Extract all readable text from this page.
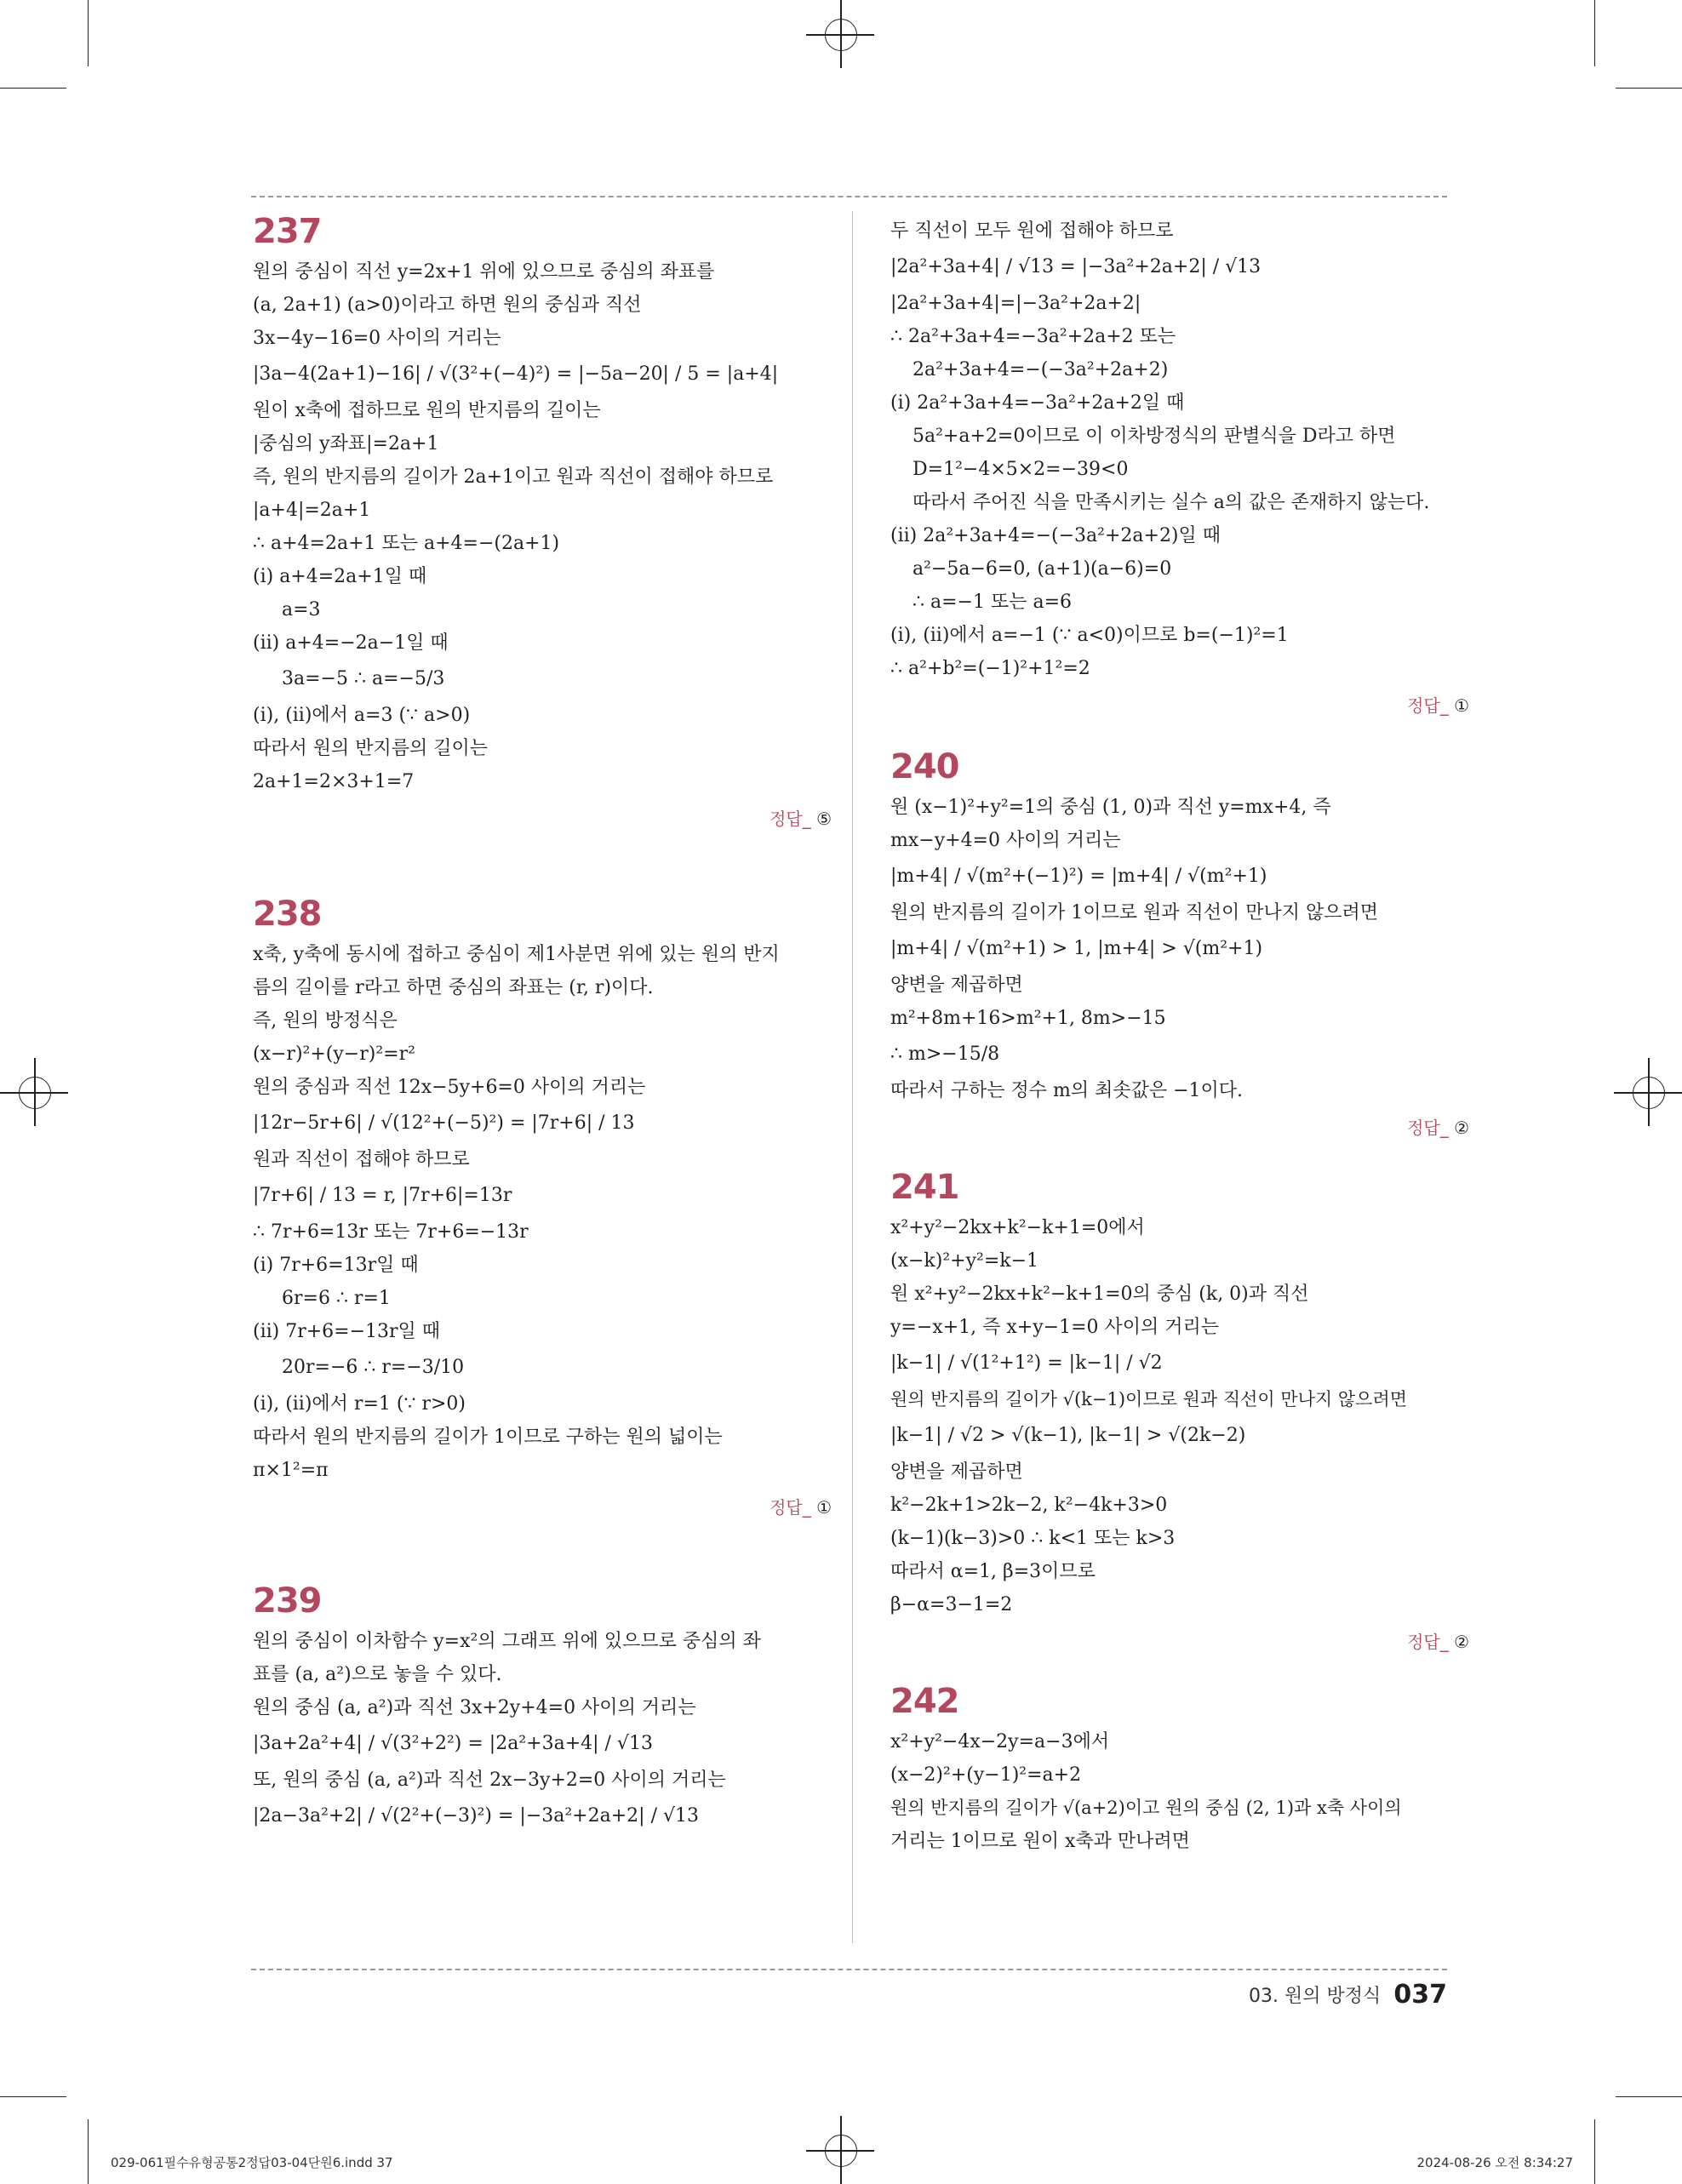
237
원의 중심이 직선 y=2x+1 위에 있으므로 중심의 좌표를
(a, 2a+1) (a>0)이라고 하면 원의 중심과 직선
3x−4y−16=0 사이의 거리는
|3a−4(2a+1)−16| / √(3²+(−4)²) = |−5a−20| / 5 = |a+4|
원이 x축에 접하므로 원의 반지름의 길이는
|중심의 y좌표|=2a+1
즉, 원의 반지름의 길이가 2a+1이고 원과 직선이 접해야 하므로
|a+4|=2a+1
∴ a+4=2a+1 또는 a+4=−(2a+1)
(ⅰ) a+4=2a+1일 때
a=3
(ⅱ) a+4=−2a−1일 때
3a=−5 ∴ a=−5/3
(ⅰ), (ⅱ)에서 a=3 (∵ a>0)
따라서 원의 반지름의 길이는
2a+1=2×3+1=7
정답_ ⑤
238
x축, y축에 동시에 접하고 중심이 제1사분면 위에 있는 원의 반지
름의 길이를 r라고 하면 중심의 좌표는 (r, r)이다.
즉, 원의 방정식은
(x−r)²+(y−r)²=r²
원의 중심과 직선 12x−5y+6=0 사이의 거리는
|12r−5r+6| / √(12²+(−5)²) = |7r+6| / 13
원과 직선이 접해야 하므로
|7r+6| / 13 = r, |7r+6|=13r
∴ 7r+6=13r 또는 7r+6=−13r
(ⅰ) 7r+6=13r일 때
6r=6 ∴ r=1
(ⅱ) 7r+6=−13r일 때
20r=−6 ∴ r=−3/10
(ⅰ), (ⅱ)에서 r=1 (∵ r>0)
따라서 원의 반지름의 길이가 1이므로 구하는 원의 넓이는
π×1²=π
정답_ ①
239
원의 중심이 이차함수 y=x²의 그래프 위에 있으므로 중심의 좌
표를 (a, a²)으로 놓을 수 있다.
원의 중심 (a, a²)과 직선 3x+2y+4=0 사이의 거리는
|3a+2a²+4| / √(3²+2²) = |2a²+3a+4| / √13
또, 원의 중심 (a, a²)과 직선 2x−3y+2=0 사이의 거리는
|2a−3a²+2| / √(2²+(−3)²) = |−3a²+2a+2| / √13
두 직선이 모두 원에 접해야 하므로
|2a²+3a+4| / √13 = |−3a²+2a+2| / √13
|2a²+3a+4|=|−3a²+2a+2|
∴ 2a²+3a+4=−3a²+2a+2 또는
2a²+3a+4=−(−3a²+2a+2)
(ⅰ) 2a²+3a+4=−3a²+2a+2일 때
5a²+a+2=0이므로 이 이차방정식의 판별식을 D라고 하면
D=1²−4×5×2=−39<0
따라서 주어진 식을 만족시키는 실수 a의 값은 존재하지 않는다.
(ⅱ) 2a²+3a+4=−(−3a²+2a+2)일 때
a²−5a−6=0, (a+1)(a−6)=0
∴ a=−1 또는 a=6
(ⅰ), (ⅱ)에서 a=−1 (∵ a<0)이므로 b=(−1)²=1
∴ a²+b²=(−1)²+1²=2
정답_ ①
240
원 (x−1)²+y²=1의 중심 (1, 0)과 직선 y=mx+4, 즉
mx−y+4=0 사이의 거리는
|m+4| / √(m²+(−1)²) = |m+4| / √(m²+1)
원의 반지름의 길이가 1이므로 원과 직선이 만나지 않으려면
|m+4| / √(m²+1) > 1, |m+4| > √(m²+1)
양변을 제곱하면
m²+8m+16>m²+1, 8m>−15
∴ m>−15/8
따라서 구하는 정수 m의 최솟값은 −1이다.
정답_ ②
241
x²+y²−2kx+k²−k+1=0에서
(x−k)²+y²=k−1
원 x²+y²−2kx+k²−k+1=0의 중심 (k, 0)과 직선
y=−x+1, 즉 x+y−1=0 사이의 거리는
|k−1| / √(1²+1²) = |k−1| / √2
원의 반지름의 길이가 √(k−1)이므로 원과 직선이 만나지 않으려면
|k−1| / √2 > √(k−1), |k−1| > √(2k−2)
양변을 제곱하면
k²−2k+1>2k−2, k²−4k+3>0
(k−1)(k−3)>0 ∴ k<1 또는 k>3
따라서 α=1, β=3이므로
β−α=3−1=2
정답_ ②
242
x²+y²−4x−2y=a−3에서
(x−2)²+(y−1)²=a+2
원의 반지름의 길이가 √(a+2)이고 원의 중심 (2, 1)과 x축 사이의
거리는 1이므로 원이 x축과 만나려면
03. 원의 방정식 037
029-061필수유형공통2정답03-04단원6.indd 37	2024-08-26 오전 8:34:27
